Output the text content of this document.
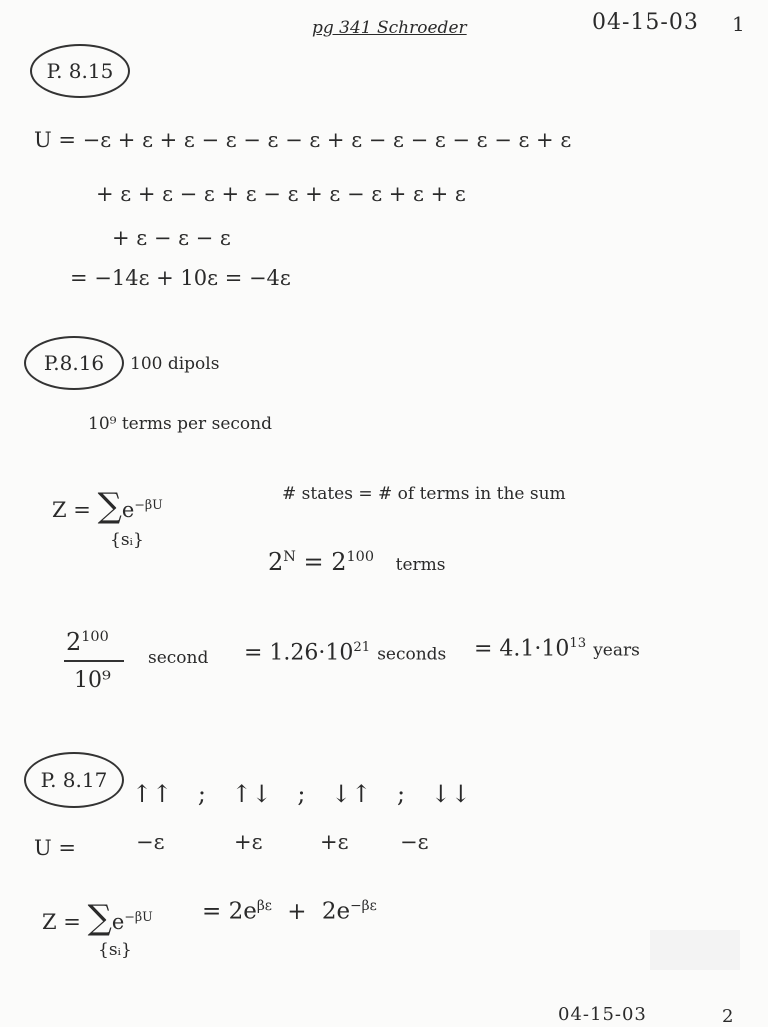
pg 341 Schroeder	04-15-03 1
P. 8.15
U = −ε + ε + ε − ε − ε − ε + ε − ε − ε − ε − ε + ε
+ ε + ε − ε + ε − ε + ε − ε + ε + ε
+ ε − ε − ε
= −14ε + 10ε = −4ε
P.8.16 100 dipols
10⁹ terms per second
$Z = \sum e^{-\beta U}$
{sᵢ}
# states = # of terms in the sum
$2^N = 2^{100}$ terms
$2^{100}$
10⁹
second = $1.26\cdot 10^{21}$ seconds = $4.1\cdot 10^{13}$ years
P. 8.17 ↑↑ ; ↑↓ ; ↓↑ ; ↓↓
U =	−ε	+ε	+ε −ε
$Z = \sum e^{-\beta U}$
{sᵢ}
= $2e^{\beta\varepsilon} + 2e^{-\beta\varepsilon}$
04-15-03	2
